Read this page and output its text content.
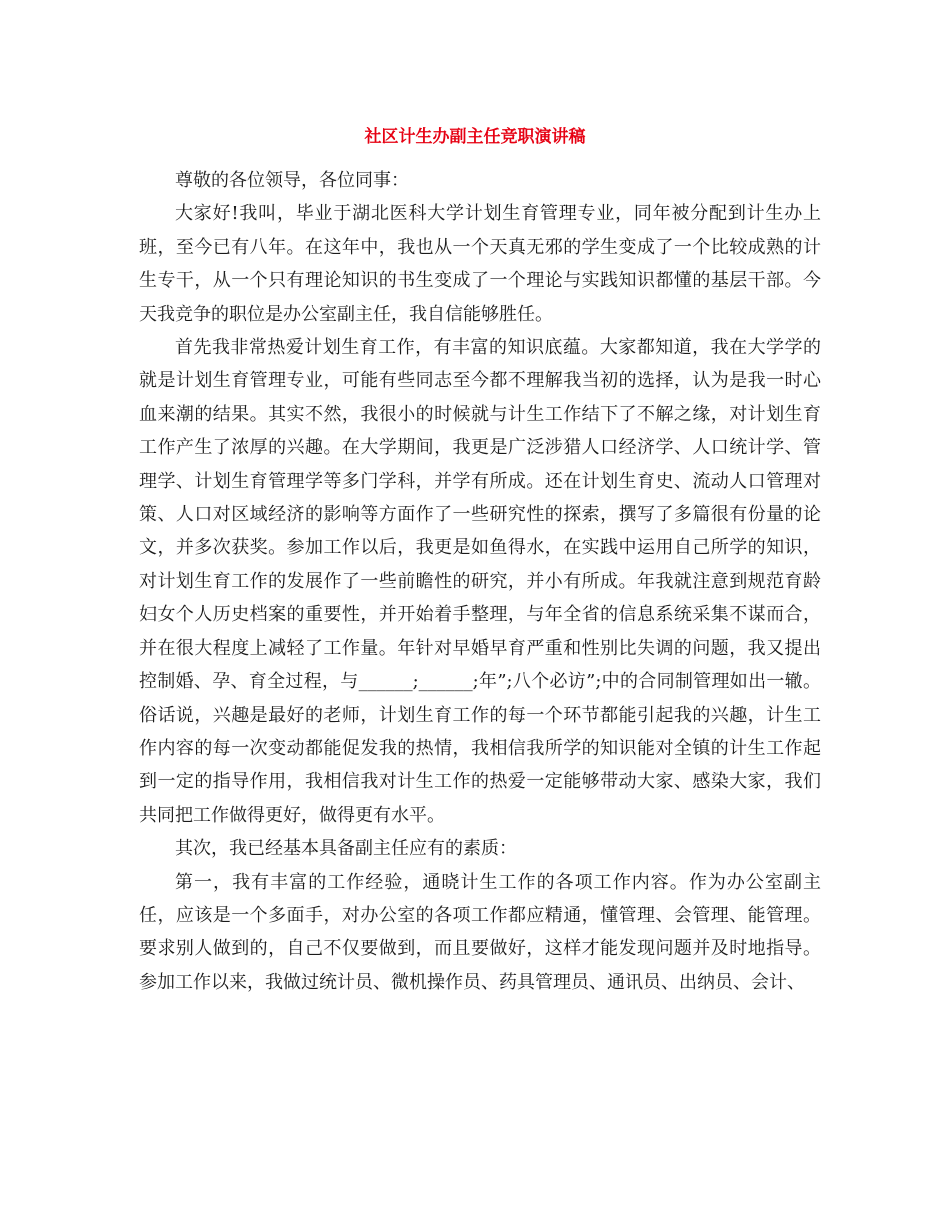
社区计生办副主任竞职演讲稿

尊敬的各位领导，各位同事：

大家好!我叫，毕业于湖北医科大学计划生育管理专业，同年被分配到计生办上班，至今已有八年。在这年中，我也从一个天真无邪的学生变成了一个比较成熟的计生专干，从一个只有理论知识的书生变成了一个理论与实践知识都懂的基层干部。今天我竞争的职位是办公室副主任，我自信能够胜任。

首先我非常热爱计划生育工作，有丰富的知识底蕴。大家都知道，我在大学学的就是计划生育管理专业，可能有些同志至今都不理解我当初的选择，认为是我一时心血来潮的结果。其实不然，我很小的时候就与计生工作结下了不解之缘，对计划生育工作产生了浓厚的兴趣。在大学期间，我更是广泛涉猎人口经济学、人口统计学、管理学、计划生育管理学等多门学科，并学有所成。还在计划生育史、流动人口管理对策、人口对区域经济的影响等方面作了一些研究性的探索，撰写了多篇很有份量的论文，并多次获奖。参加工作以后，我更是如鱼得水，在实践中运用自己所学的知识，对计划生育工作的发展作了一些前瞻性的研究，并小有所成。年我就注意到规范育龄妇女个人历史档案的重要性，并开始着手整理，与年全省的信息系统采集不谋而合，并在很大程度上减轻了工作量。年针对早婚早育严重和性别比失调的问题，我又提出控制婚、孕、育全过程，与______;______;年”;八个必访”;中的合同制管理如出一辙。俗话说，兴趣是最好的老师，计划生育工作的每一个环节都能引起我的兴趣，计生工作内容的每一次变动都能促发我的热情，我相信我所学的知识能对全镇的计生工作起到一定的指导作用，我相信我对计生工作的热爱一定能够带动大家、感染大家，我们共同把工作做得更好，做得更有水平。

其次，我已经基本具备副主任应有的素质：

第一，我有丰富的工作经验，通晓计生工作的各项工作内容。作为办公室副主任，应该是一个多面手，对办公室的各项工作都应精通，懂管理、会管理、能管理。要求别人做到的，自己不仅要做到，而且要做好，这样才能发现问题并及时地指导。参加工作以来，我做过统计员、微机操作员、药具管理员、通讯员、出纳员、会计、
